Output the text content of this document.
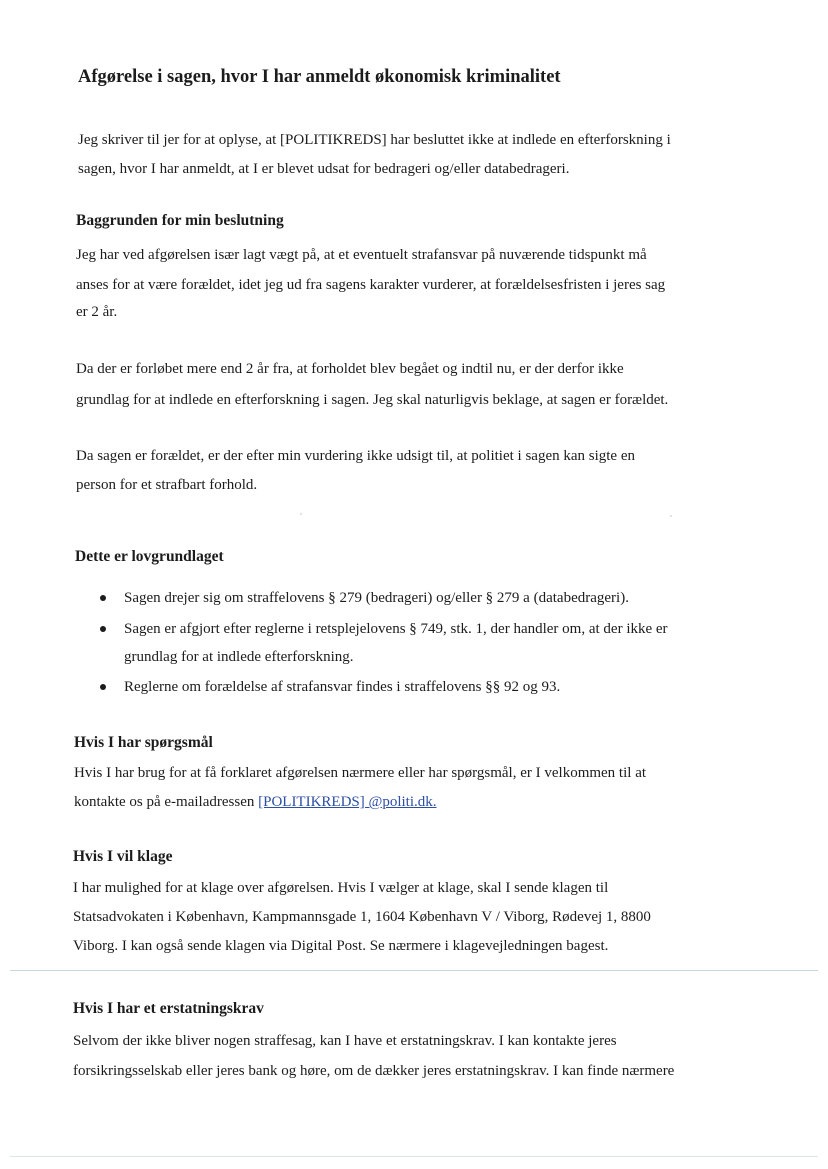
Afgørelse i sagen, hvor I har anmeldt økonomisk kriminalitet
Jeg skriver til jer for at oplyse, at [POLITIKREDS] har besluttet ikke at indlede en efterforskning i
sagen, hvor I har anmeldt, at I er blevet udsat for bedrageri og/eller databedrageri.
Baggrunden for min beslutning
Jeg har ved afgørelsen især lagt vægt på, at et eventuelt strafansvar på nuværende tidspunkt må
anses for at være forældet, idet jeg ud fra sagens karakter vurderer, at forældelsesfristen i jeres sag
er 2 år.
Da der er forløbet mere end 2 år fra, at forholdet blev begået og indtil nu, er der derfor ikke
grundlag for at indlede en efterforskning i sagen. Jeg skal naturligvis beklage, at sagen er forældet.
Da sagen er forældet, er der efter min vurdering ikke udsigt til, at politiet i sagen kan sigte en
person for et strafbart forhold.
Dette er lovgrundlaget
Sagen drejer sig om straffelovens § 279 (bedrageri) og/eller § 279 a (databedrageri).
Sagen er afgjort efter reglerne i retsplejelovens § 749, stk. 1, der handler om, at der ikke er
grundlag for at indlede efterforskning.
Reglerne om forældelse af strafansvar findes i straffelovens §§ 92 og 93.
Hvis I har spørgsmål
Hvis I har brug for at få forklaret afgørelsen nærmere eller har spørgsmål, er I velkommen til at
kontakte os på e-mailadressen [POLITIKREDS] @politi.dk.
Hvis I vil klage
I har mulighed for at klage over afgørelsen. Hvis I vælger at klage, skal I sende klagen til
Statsadvokaten i København, Kampmannsgade 1, 1604 København V / Viborg, Rødevej 1, 8800
Viborg. I kan også sende klagen via Digital Post. Se nærmere i klagevejledningen bagest.
Hvis I har et erstatningskrav
Selvom der ikke bliver nogen straffesag, kan I have et erstatningskrav. I kan kontakte jeres
forsikringsselskab eller jeres bank og høre, om de dækker jeres erstatningskrav. I kan finde nærmere
